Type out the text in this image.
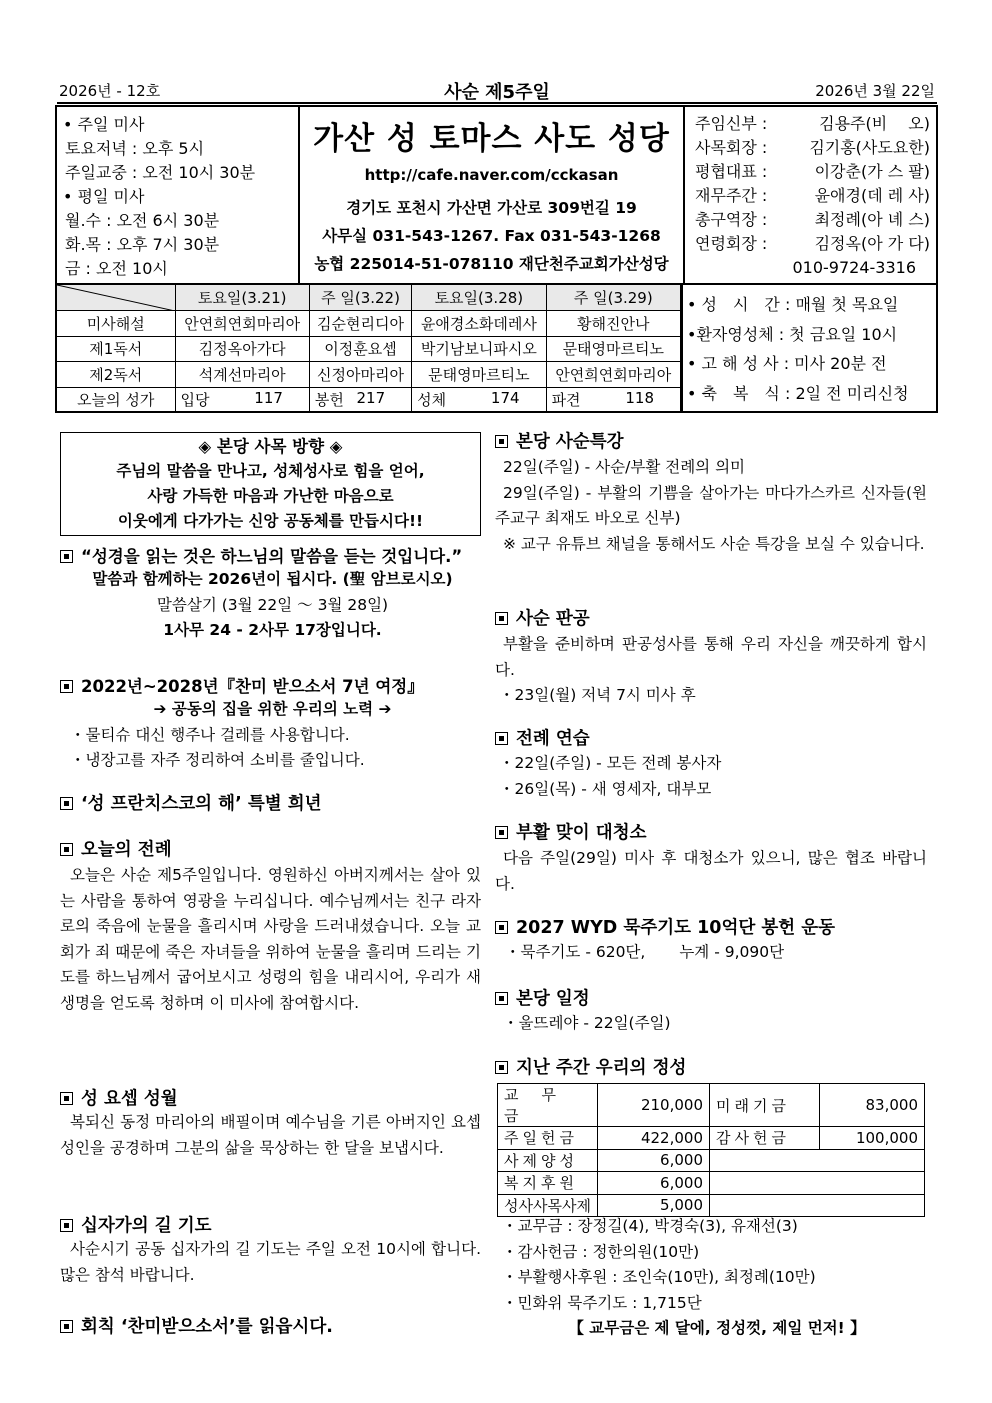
2026년 - 12호	사순 제5주일	2026년 3월 22일
• 주일 미사
토요저녁 : 오후 5시
주일교중 : 오전 10시 30분
• 평일 미사
월.수 : 오전 6시 30분
화.목 : 오후 7시 30분
금 : 오전 10시
가산 성 토마스 사도 성당
http://cafe.naver.com/cckasan
경기도 포천시 가산면 가산로 309번길 19
사무실 031-543-1267. Fax 031-543-1268
농협 225014-51-078110 재단천주교회가산성당
주임신부 :	김용주(비　 오)
사목회장 :	김기홍(사도요한)
평협대표 :	이강춘(가 스 팔)
재무주간 :	윤애경(데 레 사)
총구역장 :	최정례(아 녜 스)
연령회장 :	김정옥(아 가 다)
010-9724-3316
	토요일(3.21)	주 일(3.22)	토요일(3.28)	주 일(3.29)
미사해설	안연희연회마리아	김순현리디아	윤애경소화데레사	황해진안나
제1독서	김정옥아가다	이정훈요셉	박기남보니파시오	문태영마르티노
제2독서	석계선마리아	신정아마리아	문태영마르티노	안연희연회마리아
오늘의 성가	입당 117	봉헌 217	성체 174	파견 118
• 성　시　간 : 매월 첫 목요일
•환자영성체 : 첫 금요일 10시
• 고 해 성 사 : 미사 20분 전
• 축　복　식 : 2일 전 미리신청
◈ 본당 사목 방향 ◈
주님의 말씀을 만나고, 성체성사로 힘을 얻어,
사랑 가득한 마음과 가난한 마음으로
이웃에게 다가가는 신앙 공동체를 만듭시다!!
“성경을 읽는 것은 하느님의 말씀을 듣는 것입니다.”
말씀과 함께하는 2026년이 됩시다. (聖 암브로시오)
말씀살기 (3월 22일 ～ 3월 28일)
1사무 24 - 2사무 17장입니다.
2022년~2028년『찬미 받으소서 7년 여정』
➔ 공동의 집을 위한 우리의 노력 ➔
・물티슈 대신 행주나 걸레를 사용합니다.
・냉장고를 자주 정리하여 소비를 줄입니다.
‘성 프란치스코의 해’ 특별 희년
오늘의 전례
오늘은 사순 제5주일입니다. 영원하신 아버지께서는 살아 있는 사람을 통하여 영광을 누리십니다. 예수님께서는 친구 라자로의 죽음에 눈물을 흘리시며 사랑을 드러내셨습니다. 오늘 교회가 죄 때문에 죽은 자녀들을 위하여 눈물을 흘리며 드리는 기도를 하느님께서 굽어보시고 성령의 힘을 내리시어, 우리가 새 생명을 얻도록 청하며 이 미사에 참여합시다.
성 요셉 성월
복되신 동정 마리아의 배필이며 예수님을 기른 아버지인 요셉 성인을 공경하며 그분의 삶을 묵상하는 한 달을 보냅시다.
십자가의 길 기도
사순시기 공동 십자가의 길 기도는 주일 오전 10시에 합니다. 많은 참석 바랍니다.
회칙 ‘찬미받으소서’를 읽읍시다.
본당 사순특강
22일(주일) - 사순/부활 전례의 의미
29일(주일) - 부활의 기쁨을 살아가는 마다가스카르 신자들(원주교구 최재도 바오로 신부)
※ 교구 유튜브 채널을 통해서도 사순 특강을 보실 수 있습니다.
사순 판공
부활을 준비하며 판공성사를 통해 우리 자신을 깨끗하게 합시다.
・23일(월) 저녁 7시 미사 후
전례 연습
・22일(주일) - 모든 전례 봉사자
・26일(목) - 새 영세자, 대부모
부활 맞이 대청소
다음 주일(29일) 미사 후 대청소가 있으니, 많은 협조 바랍니다.
2027 WYD 묵주기도 10억단 봉헌 운동
・묵주기도 - 620단, 누계 - 9,090단
본당 일정
・울뜨레야 - 22일(주일)
지난 주간 우리의 정성
교　무　금	210,000	미래기금	83,000
주일헌금	422,000	감사헌금	100,000
사제양성	6,000		
복지후원	6,000		
성사사목사제	5,000		
・교무금 : 장정길(4), 박경숙(3), 유재선(3)
・감사헌금 : 정한의원(10만)
・부활행사후원 : 조인숙(10만), 최정례(10만)
・민화위 묵주기도 : 1,715단
【 교무금은 제 달에, 정성껏, 제일 먼저! 】
